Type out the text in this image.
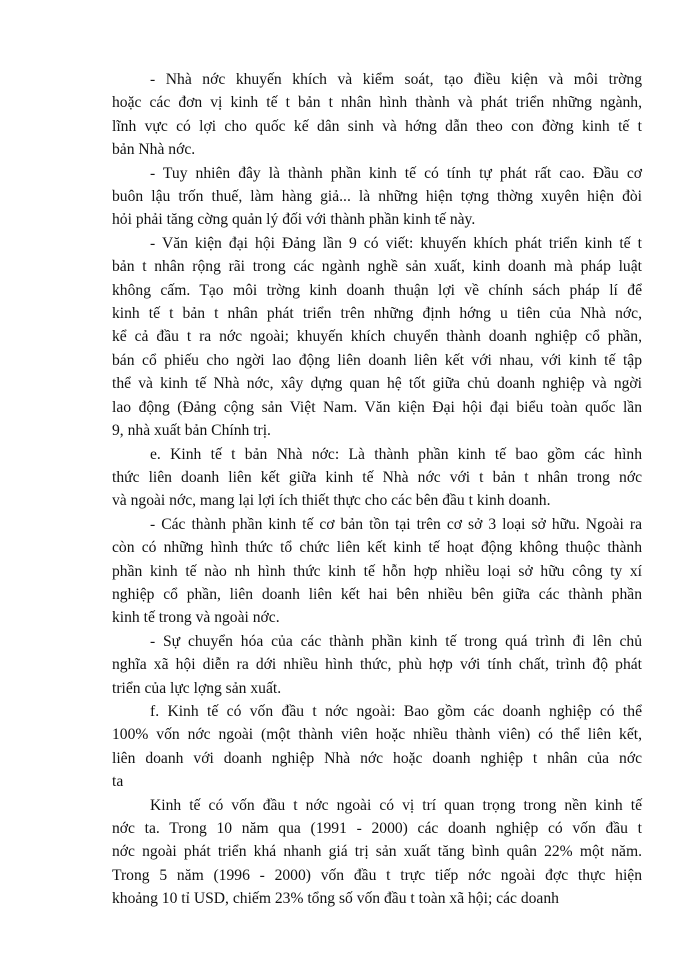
- Nhà nớc khuyến khích và kiểm soát, tạo điều kiện và môi trờng
hoặc các đơn vị kinh tế t bản t nhân hình thành và phát triển những ngành,
lĩnh vực có lợi cho quốc kế dân sinh và hớng dẫn theo con đờng kinh tế t
bản Nhà nớc.
- Tuy nhiên đây là thành phần kinh tế có tính tự phát rất cao. Đầu cơ
buôn lậu trốn thuế, làm hàng giả... là những hiện tợng thờng xuyên hiện đòi
hỏi phải tăng cờng quản lý đối với thành phần kinh tế này.
- Văn kiện đại hội Đảng lần 9 có viết: khuyến khích phát triển kinh tế t
bản t nhân rộng rãi trong các ngành nghề sản xuất, kinh doanh mà pháp luật
không cấm. Tạo môi trờng kinh doanh thuận lợi về chính sách pháp lí để
kinh tế t bản t nhân phát triển trên những định hớng u tiên của Nhà nớc,
kể cả đầu t ra nớc ngoài; khuyến khích chuyển thành doanh nghiệp cổ phần,
bán cổ phiếu cho ngời lao động liên doanh liên kết với nhau, với kinh tế tập
thể và kinh tế Nhà nớc, xây dựng quan hệ tốt giữa chủ doanh nghiệp và ngời
lao động (Đảng cộng sản Việt Nam. Văn kiện Đại hội đại biểu toàn quốc lần
9, nhà xuất bản Chính trị.
e. Kinh tế t bản Nhà nớc: Là thành phần kinh tế bao gồm các hình
thức liên doanh liên kết giữa kinh tế Nhà nớc với t bản t nhân trong nớc
và ngoài nớc, mang lại lợi ích thiết thực cho các bên đầu t kinh doanh.
- Các thành phần kinh tế cơ bản tồn tại trên cơ sở 3 loại sở hữu. Ngoài ra
còn có những hình thức tổ chức liên kết kinh tế hoạt động không thuộc thành
phần kinh tế nào nh hình thức kinh tế hỗn hợp nhiều loại sở hữu công ty xí
nghiệp cổ phần, liên doanh liên kết hai bên nhiều bên giữa các thành phần
kinh tế trong và ngoài nớc.
- Sự chuyển hóa của các thành phần kinh tế trong quá trình đi lên chủ
nghĩa xã hội diễn ra dới nhiều hình thức, phù hợp với tính chất, trình độ phát
triển của lực lợng sản xuất.
f. Kinh tế có vốn đầu t nớc ngoài: Bao gồm các doanh nghiệp có thể
100% vốn nớc ngoài (một thành viên hoặc nhiều thành viên) có thể liên kết,
liên doanh với doanh nghiệp Nhà nớc hoặc doanh nghiệp t nhân của nớc
ta
Kinh tế có vốn đầu t nớc ngoài có vị trí quan trọng trong nền kinh tế
nớc ta. Trong 10 năm qua (1991 - 2000) các doanh nghiệp có vốn đầu t
nớc ngoài phát triển khá nhanh giá trị sản xuất tăng bình quân 22% một năm.
Trong 5 năm (1996 - 2000) vốn đầu t trực tiếp nớc ngoài đợc thực hiện
khoảng 10 tỉ USD, chiếm 23% tổng số vốn đầu t toàn xã hội; các doanh
